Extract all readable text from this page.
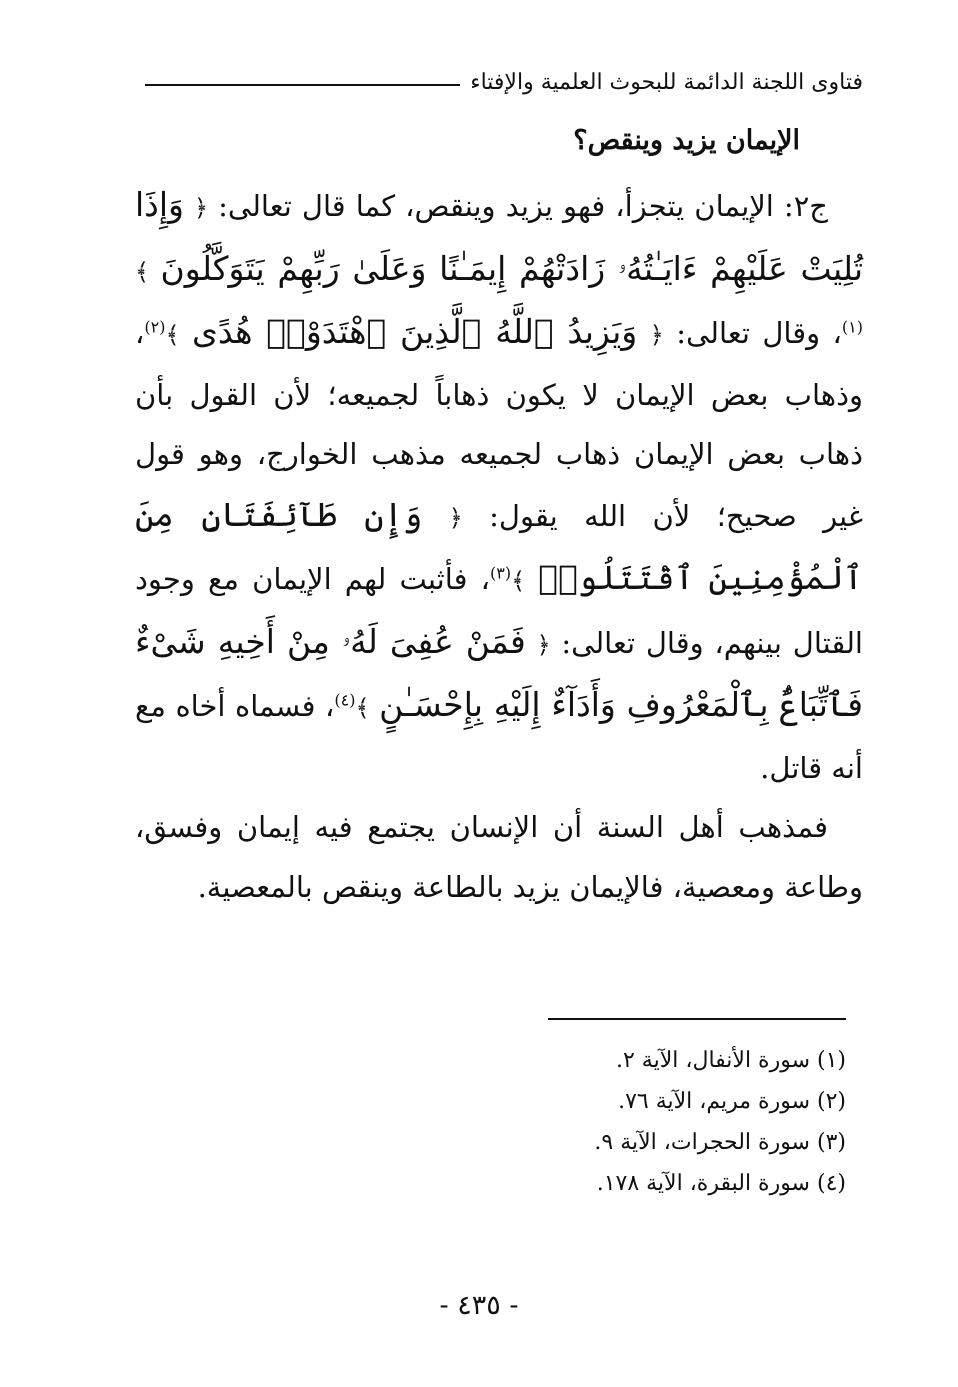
فتاوى اللجنة الدائمة للبحوث العلمية والإفتاء
الإيمان يزيد وينقص؟

ج٢: الإيمان يتجزأ، فهو يزيد وينقص، كما قال تعالى: ﴿ وَإِذَا تُلِيَتْ عَلَيْهِمْ ءَايَـٰتُهُۥ زَادَتْهُمْ إِيمَـٰنًا وَعَلَىٰ رَبِّهِمْ يَتَوَكَّلُونَ ﴾$^{(١)}$، وقال تعالى: ﴿ وَيَزِيدُ ٱللَّهُ ٱلَّذِينَ ٱهْتَدَوْا۟ هُدًى ﴾$^{(٢)}$، وذهاب بعض الإيمان لا يكون ذهاباً لجميعه؛ لأن القول بأن ذهاب بعض الإيمان ذهاب لجميعه مذهب الخوارج، وهو قول غير صحيح؛ لأن الله يقول: ﴿ وَإِن طَآئِفَتَانِ مِنَ ٱلْمُؤْمِنِينَ ٱقْتَتَلُوا۟ ﴾$^{(٣)}$، فأثبت لهم الإيمان مع وجود القتال بينهم، وقال تعالى: ﴿ فَمَنْ عُفِىَ لَهُۥ مِنْ أَخِيهِ شَىْءٌ فَٱتِّبَاعٌۢ بِٱلْمَعْرُوفِ وَأَدَآءٌ إِلَيْهِ بِإِحْسَـٰنٍ ﴾$^{(٤)}$، فسماه أخاه مع أنه قاتل.

فمذهب أهل السنة أن الإنسان يجتمع فيه إيمان وفسق، وطاعة ومعصية، فالإيمان يزيد بالطاعة وينقص بالمعصية.

(١) سورة الأنفال، الآية ٢.
(٢) سورة مريم، الآية ٧٦.
(٣) سورة الحجرات، الآية ٩.
(٤) سورة البقرة، الآية ١٧٨.
- ٤٣٥ -
